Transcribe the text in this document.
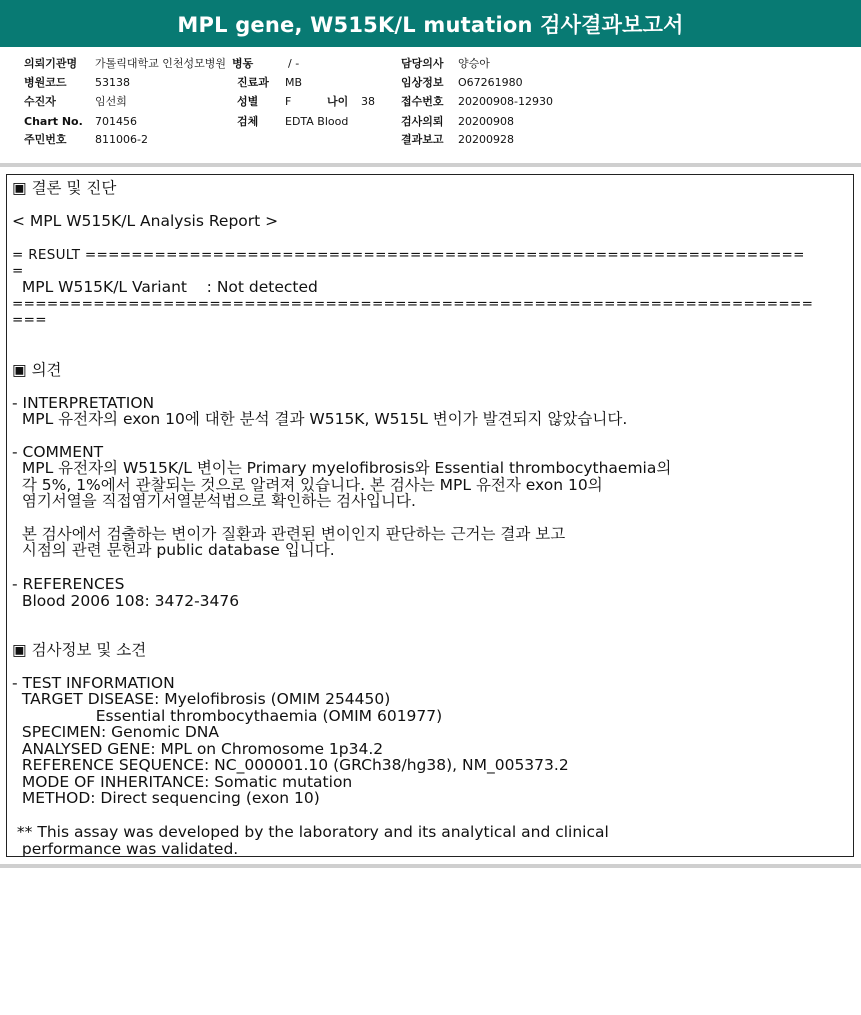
MPL gene, W515K/L mutation 검사결과보고서
의뢰기관명 가톨릭대학교 인천성모병원 병동	/ -	담당의사 양승아
병원코드	53138	진료과 MB	임상정보 O67261980
수진자	임선희	성별 F	나이 38 접수번호 20200908-12930
Chart No. 701456	검체 EDTA Blood	검사의뢰 20200908
주민번호	811006-2	결과보고 20200928
▣ 결론 및 진단
< MPL W515K/L Analysis Report >
= RESULT ==============================================================
=
MPL W515K/L Variant    : Not detected
=====================================================================
===
▣ 의견
- INTERPRETATION
MPL 유전자의 exon 10에 대한 분석 결과 W515K, W515L 변이가 발견되지 않았습니다.
- COMMENT
MPL 유전자의 W515K/L 변이는 Primary myelofibrosis와 Essential thrombocythaemia의
각 5%, 1%에서 관찰되는 것으로 알려져 있습니다. 본 검사는 MPL 유전자 exon 10의
염기서열을 직접염기서열분석법으로 확인하는 검사입니다.
본 검사에서 검출하는 변이가 질환과 관련된 변이인지 판단하는 근거는 결과 보고
시점의 관련 문헌과 public database 입니다.
- REFERENCES
Blood 2006 108: 3472-3476
▣ 검사정보 및 소견
- TEST INFORMATION
TARGET DISEASE: Myelofibrosis (OMIM 254450)
Essential thrombocythaemia (OMIM 601977)
SPECIMEN: Genomic DNA
ANALYSED GENE: MPL on Chromosome 1p34.2
REFERENCE SEQUENCE: NC_000001.10 (GRCh38/hg38), NM_005373.2
MODE OF INHERITANCE: Somatic mutation
METHOD: Direct sequencing (exon 10)
** This assay was developed by the laboratory and its analytical and clinical
performance was validated.
